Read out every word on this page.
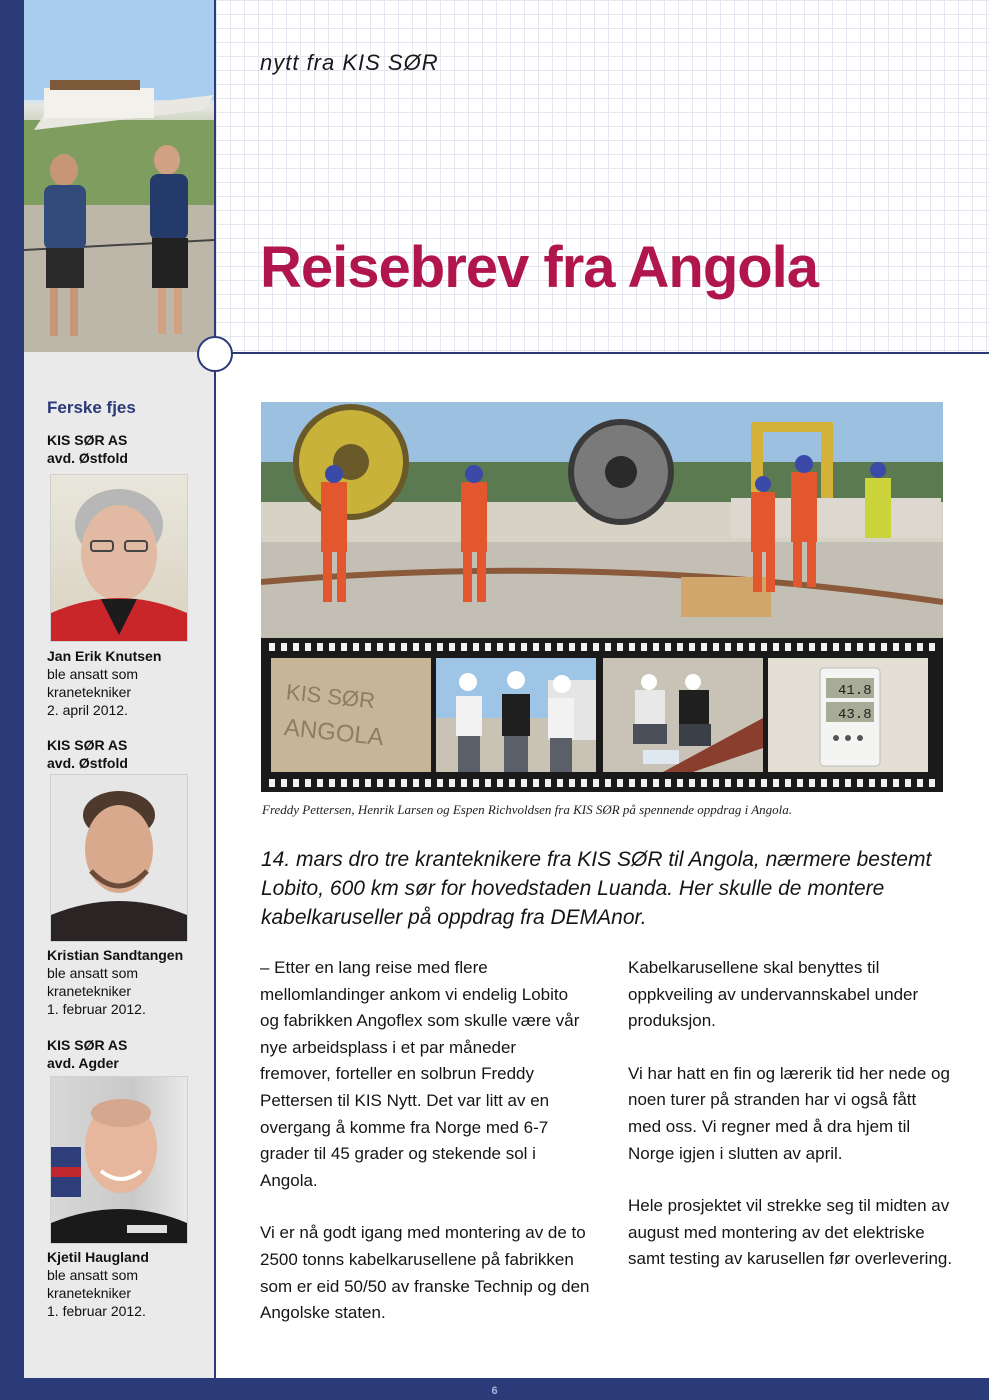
nytt fra KIS SØR
Reisebrev fra Angola
Ferske fjes
KIS SØR AS
avd. Østfold
Jan Erik Knutsen
ble ansatt som
kranetekniker
2. april 2012.
KIS SØR AS
avd. Østfold
Kristian Sandtangen
ble ansatt som
kranetekniker
1. februar 2012.
KIS SØR AS
avd. Agder
Kjetil Haugland
ble ansatt som
kranetekniker
1. februar 2012.
KIS SØR
ANGOLA
41.8
43.8
Freddy Pettersen, Henrik Larsen og Espen Richvoldsen fra KIS SØR på spennende oppdrag i Angola.
14. mars dro tre kranteknikere fra KIS SØR til Angola, nærmere bestemt Lobito, 600 km sør for hovedstaden Luanda. Her skulle de montere kabelkaruseller på oppdrag fra DEMAnor.

– Etter en lang reise med flere mellomlandinger ankom vi endelig Lobito og fabrikken Angoflex som skulle være vår nye arbeidsplass i et par måneder fremover, forteller en solbrun Freddy Pettersen til KIS Nytt. Det var litt av en overgang å komme fra Norge med 6-7 grader til 45 grader og stekende sol i Angola.

Vi er nå godt igang med montering av de to 2500 tonns kabelkarusellene på fabrikken som er eid 50/50 av franske Technip og den Angolske staten.

Kabelkarusellene skal benyttes til oppkveiling av undervannskabel under produksjon.

Vi har hatt en fin og lærerik tid her nede og noen turer på stranden har vi også fått med oss. Vi regner med å dra hjem til Norge igjen i slutten av april.

Hele prosjektet vil strekke seg til midten av august med montering av det elektriske samt testing av karusellen før overlevering.

6
